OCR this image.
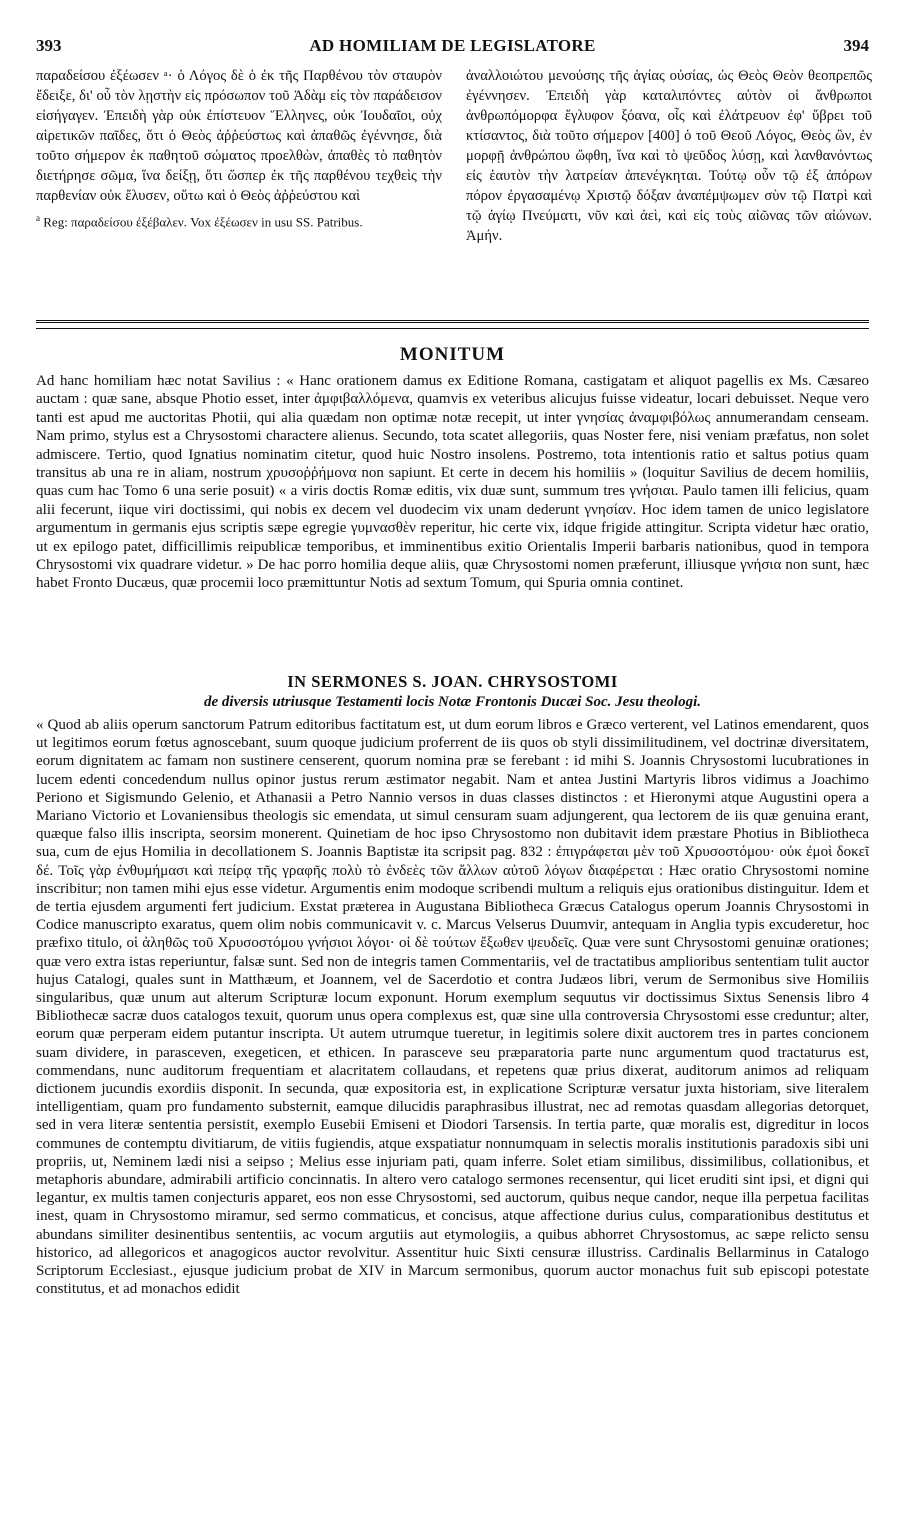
393	AD HOMILIAM DE LEGISLATORE	394

παραδείσου ἐξέωσεν ᵃ· ὁ Λόγος δὲ ὁ ἐκ τῆς Παρθένου τὸν σταυρὸν ἔδειξε, δι' οὗ τὸν λῃστὴν εἰς πρόσωπον τοῦ Ἀδὰμ εἰς τὸν παράδεισον εἰσήγαγεν. Ἐπειδὴ γὰρ οὐκ ἐπίστευον Ἕλληνες, οὐκ Ἰουδαῖοι, οὐχ αἱρετικῶν παῖδες, ὅτι ὁ Θεὸς ἀῤῥεύστως καὶ ἀπαθῶς ἐγέννησε, διὰ τοῦτο σήμερον ἐκ παθητοῦ σώματος προελθὼν, ἀπαθὲς τὸ παθητὸν διετήρησε σῶμα, ἵνα δείξῃ, ὅτι ὥσπερ ἐκ τῆς παρθένου τεχθεὶς τὴν παρθενίαν οὐκ ἔλυσεν, οὕτω καὶ ὁ Θεὸς ἀῤῥεύστου καὶ

$^a$ Reg: παραδείσου ἐξέβαλεν. Vox ἐξέωσεν in usu SS. Patribus.

ἀναλλοιώτου μενούσης τῆς ἁγίας οὐσίας, ὡς Θεὸς Θεὸν θεοπρεπῶς ἐγέννησεν. Ἐπειδὴ γὰρ καταλιπόντες αὐτὸν οἱ ἄνθρωποι ἀνθρωπόμορφα ἔγλυφον ξόανα, οἷς καὶ ἐλάτρευον ἐφ' ὕβρει τοῦ κτίσαντος, διὰ τοῦτο σήμερον [400] ὁ τοῦ Θεοῦ Λόγος, Θεὸς ὢν, ἐν μορφῇ ἀνθρώπου ὤφθη, ἵνα καὶ τὸ ψεῦδος λύσῃ, καὶ λανθανόντως εἰς ἑαυτὸν τὴν λατρείαν ἀπενέγκηται. Τούτῳ οὖν τῷ ἐξ ἀπόρων πόρον ἐργασαμένῳ Χριστῷ δόξαν ἀναπέμψωμεν σὺν τῷ Πατρὶ καὶ τῷ ἁγίῳ Πνεύματι, νῦν καὶ ἀεὶ, καὶ εἰς τοὺς αἰῶνας τῶν αἰώνων. Ἀμήν.

MONITUM

Ad hanc homiliam hæc notat Savilius : « Hanc orationem damus ex Editione Romana, castigatam et aliquot pagellis ex Ms. Cæsareo auctam : quæ sane, absque Photio esset, inter ἀμφιβαλλόμενα, quamvis ex veteribus alicujus fuisse videatur, locari debuisset. Neque vero tanti est apud me auctoritas Photii, qui alia quædam non optimæ notæ recepit, ut inter γνησίας ἀναμφιβόλως annumerandam censeam. Nam primo, stylus est a Chrysostomi charactere alienus. Secundo, tota scatet allegoriis, quas Noster fere, nisi veniam præfatus, non solet admiscere. Tertio, quod Ignatius nominatim citetur, quod huic Nostro insolens. Postremo, tota intentionis ratio et saltus potius quam transitus ab una re in aliam, nostrum χρυσοῤῥήμονα non sapiunt. Et certe in decem his homiliis » (loquitur Savilius de decem homiliis, quas cum hac Tomo 6 una serie posuit) « a viris doctis Romæ editis, vix duæ sunt, summum tres γνήσιαι. Paulo tamen illi felicius, quam alii fecerunt, iique viri doctissimi, qui nobis ex decem vel duodecim vix unam dederunt γνησίαν. Hoc idem tamen de unico legislatore argumentum in germanis ejus scriptis sæpe egregie γυμνασθὲν reperitur, hic certe vix, idque frigide attingitur. Scripta videtur hæc oratio, ut ex epilogo patet, difficillimis reipublicæ temporibus, et imminentibus exitio Orientalis Imperii barbaris nationibus, quod in tempora Chrysostomi vix quadrare videtur. » De hac porro homilia deque aliis, quæ Chrysostomi nomen præferunt, illiusque γνήσια non sunt, hæc habet Fronto Ducæus, quæ procemii loco præmittuntur Notis ad sextum Tomum, qui Spuria omnia continet.

IN SERMONES S. JOAN. CHRYSOSTOMI

de diversis utriusque Testamenti locis Notæ Frontonis Ducæi Soc. Jesu theologi.

« Quod ab aliis operum sanctorum Patrum editoribus factitatum est, ut dum eorum libros e Græco verterent, vel Latinos emendarent, quos ut legitimos eorum fœtus agnoscebant, suum quoque judicium proferrent de iis quos ob styli dissimilitudinem, vel doctrinæ diversitatem, eorum dignitatem ac famam non sustinere censerent, quorum nomina præ se ferebant : id mihi S. Joannis Chrysostomi lucubrationes in lucem edenti concedendum nullus opinor justus rerum æstimator negabit. Nam et antea Justini Martyris libros vidimus a Joachimo Perionο et Sigismundo Gelenio, et Athanasii a Petro Nannio versos in duas classes distinctos : et Hieronymi atque Augustini opera a Mariano Victorio et Lovaniensibus theologis sic emendata, ut simul censuram suam adjungerent, qua lectorem de iis quæ genuina erant, quæque falso illis inscripta, seorsim monerent. Quinetiam de hoc ipso Chrysostomo non dubitavit idem præstare Photius in Bibliotheca sua, cum de ejus Homilia in decollationem S. Joannis Baptistæ ita scripsit pag. 832 : ἐπιγράφεται μὲν τοῦ Χρυσοστόμου· οὐκ ἐμοὶ δοκεῖ δέ. Τοῖς γὰρ ἐνθυμήμασι καὶ πείρᾳ τῆς γραφῆς πολὺ τὸ ἐνδεὲς τῶν ἄλλων αὐτοῦ λόγων διαφέρεται : Hæc oratio Chrysostomi nomine inscribitur; non tamen mihi ejus esse videtur. Argumentis enim modoque scribendi multum a reliquis ejus orationibus distinguitur. Idem et de tertia ejusdem argumenti fert judicium. Exstat præterea in Augustana Bibliotheca Græcus Catalogus operum Joannis Chrysostomi in Codice manuscripto exaratus, quem olim nobis communicavit v. c. Marcus Velserus Duumvir, antequam in Anglia typis excuderetur, hoc præfixo titulo, οἱ ἀληθῶς τοῦ Χρυσοστόμου γνήσιοι λόγοι· οἱ δὲ τούτων ἔξωθεν ψευδεῖς. Quæ vere sunt Chrysostomi genuinæ orationes; quæ vero extra istas reperiuntur, falsæ sunt. Sed non de integris tamen Commentariis, vel de tractatibus amplioribus sententiam tulit auctor hujus Catalogi, quales sunt in Matthæum, et Joannem, vel de Sacerdotio et contra Judæos libri, verum de Sermonibus sive Homiliis singularibus, quæ unum aut alterum Scripturæ locum exponunt. Horum exemplum sequutus vir doctissimus Sixtus Senensis libro 4 Bibliothecæ sacræ duos catalogos texuit, quorum unus opera complexus est, quæ sine ulla controversia Chrysostomi esse creduntur; alter, eorum quæ perperam eidem putantur inscripta. Ut autem utrumque tueretur, in legitimis solere dixit auctorem tres in partes concionem suam dividere, in parasceven, exegeticen, et ethicen. In parasceve seu præparatoria parte nunc argumentum quod tractaturus est, commendans, nunc auditorum frequentiam et alacritatem collaudans, et repetens quæ prius dixerat, auditorum animos ad reliquam dictionem jucundis exordiis disponit. In secunda, quæ expositoria est, in explicatione Scripturæ versatur juxta historiam, sive literalem intelligentiam, quam pro fundamento substernit, eamque dilucidis paraphrasibus illustrat, nec ad remotas quasdam allegorias detorquet, sed in vera literæ sententia persistit, exemplo Eusebii Emiseni et Diodori Tarsensis. In tertia parte, quæ moralis est, digreditur in locos communes de contemptu divitiarum, de vitiis fugiendis, atque exspatiatur nonnumquam in selectis moralis institutionis paradoxis sibi uni propriis, ut, Neminem lædi nisi a seipso ; Melius esse injuriam pati, quam inferre. Solet etiam similibus, dissimilibus, collationibus, et metaphoris abundare, admirabili artificio concinnatis. In altero vero catalogo sermones recensentur, qui licet eruditi sint ipsi, et digni qui legantur, ex multis tamen conjecturis apparet, eos non esse Chrysostomi, sed auctorum, quibus neque candor, neque illa perpetua facilitas inest, quam in Chrysostomo miramur, sed sermo commaticus, et concisus, atque affectione durius culus, comparationibus destitutus et abundans similiter desinentibus sententiis, ac vocum argutiis aut etymologiis, a quibus abhorret Chrysostomus, ac sæpe relicto sensu historico, ad allegoricos et anagogicos auctor revolvitur. Assentitur huic Sixti censuræ illustriss. Cardinalis Bellarminus in Catalogo Scriptorum Ecclesiast., ejusque judicium probat de XIV in Marcum sermonibus, quorum auctor monachus fuit sub episcopi potestate constitutus, et ad monachos edidit
